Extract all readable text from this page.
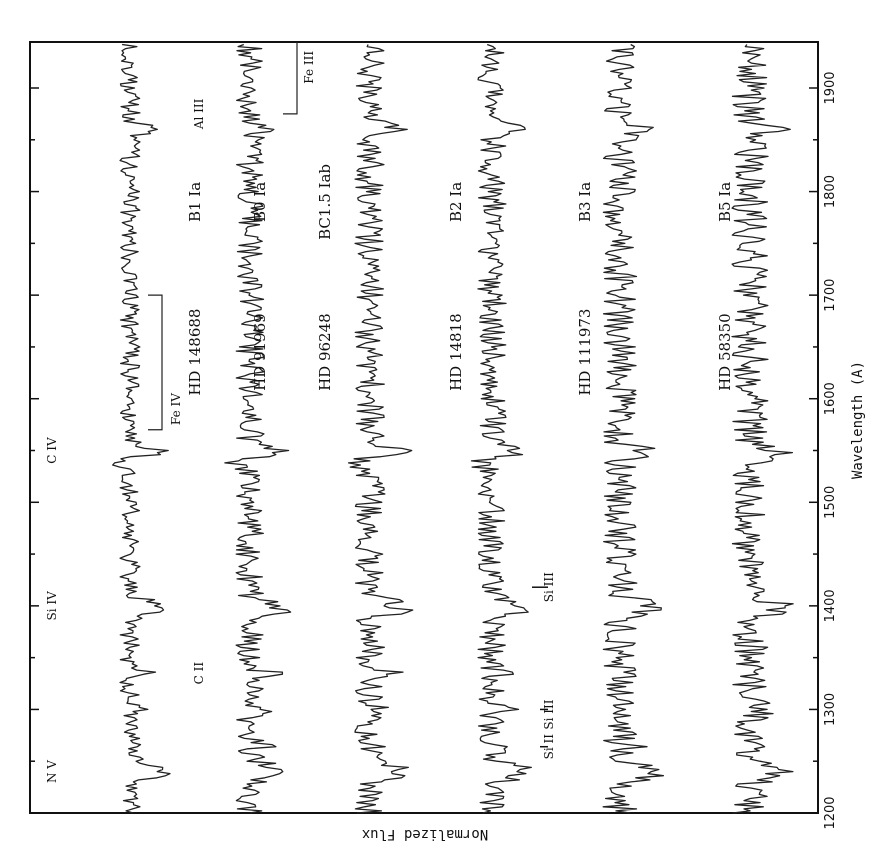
1200
1300
1400
1500
1600
1700
1800
1900
HD 91969
B0 Ia
HD 148688
B1 Ia
HD 96248
BC1.5 Iab
HD 14818
B2 Ia
HD 111973
B3 Ia
HD 58350
B5 Ia
N V
Si IV
C IV
C II
Al III
Fe IV
Fe III
Si II
Si III
Si III
Wavelength (A)
Normalized Flux
